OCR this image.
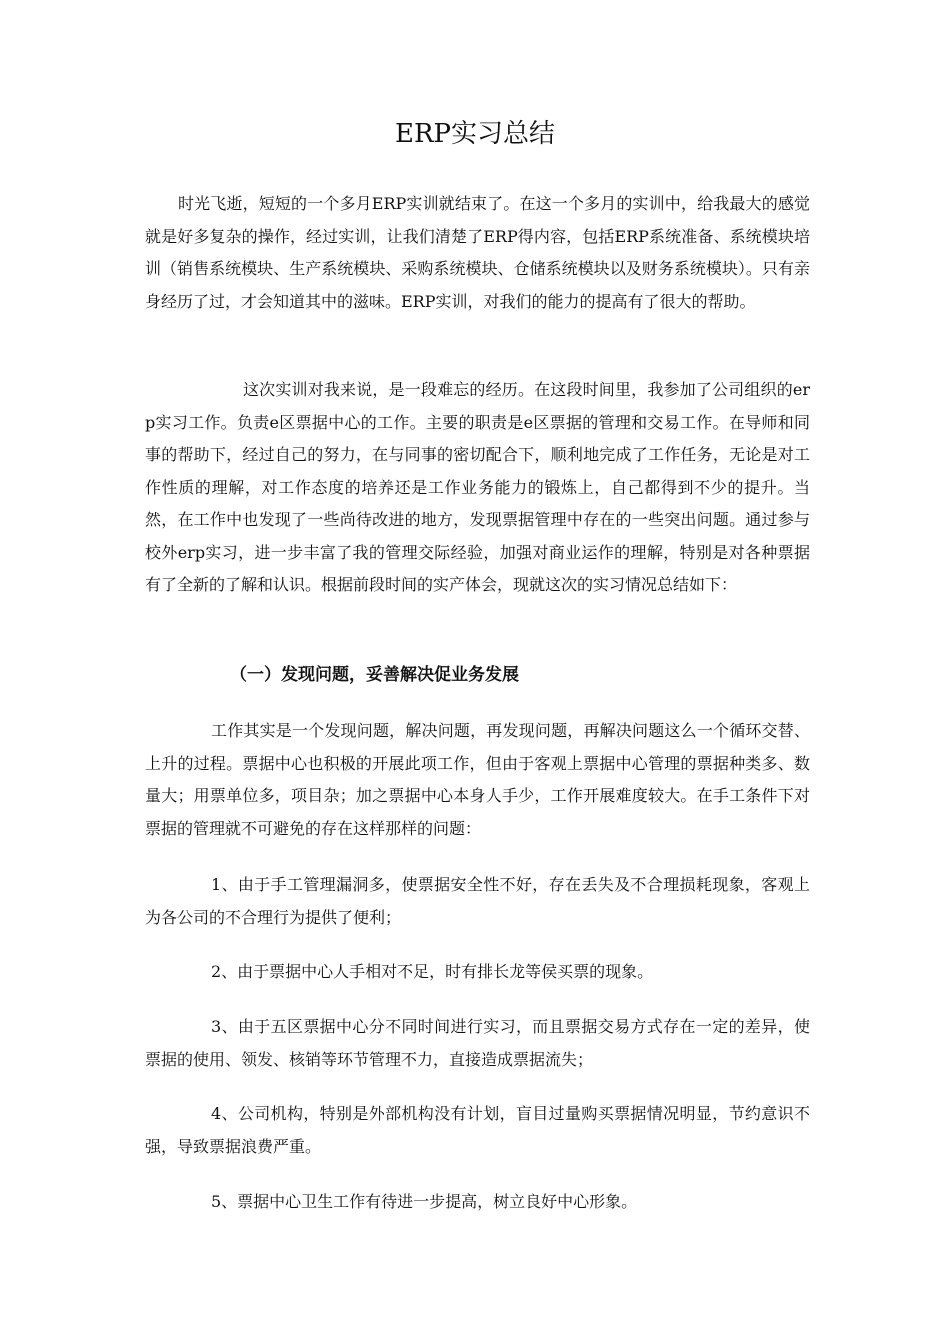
ERP实习总结

时光飞逝，短短的一个多月ERP实训就结束了。在这一个多月的实训中，给我最大的感觉就是好多复杂的操作，经过实训，让我们清楚了ERP得内容，包括ERP系统准备、系统模块培训（销售系统模块、生产系统模块、采购系统模块、仓储系统模块以及财务系统模块）。只有亲身经历了过，才会知道其中的滋味。ERP实训，对我们的能力的提高有了很大的帮助。

这次实训对我来说，是一段难忘的经历。在这段时间里，我参加了公司组织的erp实习工作。负责e区票据中心的工作。主要的职责是e区票据的管理和交易工作。在导师和同事的帮助下，经过自己的努力，在与同事的密切配合下，顺利地完成了工作任务，无论是对工作性质的理解，对工作态度的培养还是工作业务能力的锻炼上，自己都得到不少的提升。当然，在工作中也发现了一些尚待改进的地方，发现票据管理中存在的一些突出问题。通过参与校外erp实习，进一步丰富了我的管理交际经验，加强对商业运作的理解，特别是对各种票据有了全新的了解和认识。根据前段时间的实产体会，现就这次的实习情况总结如下：

（一）发现问题，妥善解决促业务发展

工作其实是一个发现问题，解决问题，再发现问题，再解决问题这么一个循环交替、上升的过程。票据中心也积极的开展此项工作，但由于客观上票据中心管理的票据种类多、数量大；用票单位多，项目杂；加之票据中心本身人手少，工作开展难度较大。在手工条件下对票据的管理就不可避免的存在这样那样的问题：

1、由于手工管理漏洞多，使票据安全性不好，存在丢失及不合理损耗现象，客观上为各公司的不合理行为提供了便利；

2、由于票据中心人手相对不足，时有排长龙等侯买票的现象。

3、由于五区票据中心分不同时间进行实习，而且票据交易方式存在一定的差异，使票据的使用、领发、核销等环节管理不力，直接造成票据流失；

4、公司机构，特别是外部机构没有计划，盲目过量购买票据情况明显，节约意识不强，导致票据浪费严重。

5、票据中心卫生工作有待进一步提高，树立良好中心形象。
